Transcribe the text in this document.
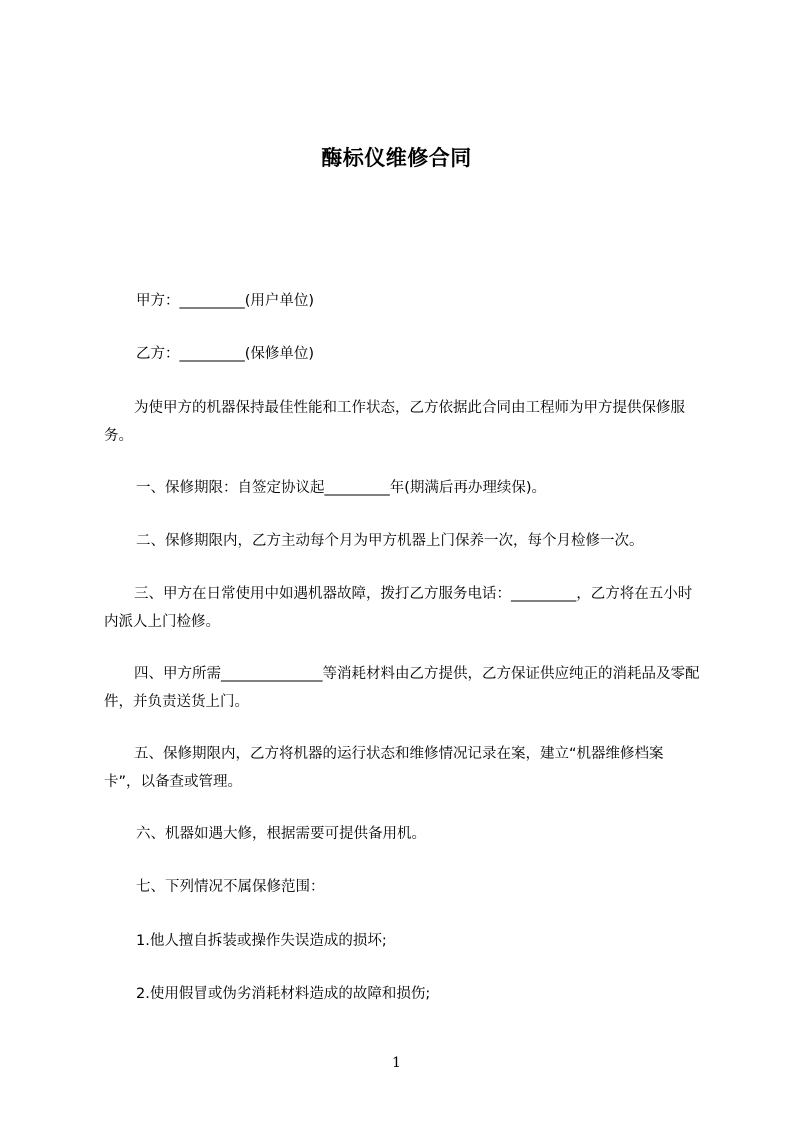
酶标仪维修合同
甲方：_________(用户单位)
乙方：_________(保修单位)
为使甲方的机器保持最佳性能和工作状态，乙方依据此合同由工程师为甲方提供保修服务。
一、保修期限：自签定协议起_________年(期满后再办理续保)。
二、保修期限内，乙方主动每个月为甲方机器上门保养一次，每个月检修一次。
三、甲方在日常使用中如遇机器故障，拨打乙方服务电话：_________，乙方将在五小时内派人上门检修。
四、甲方所需______________等消耗材料由乙方提供，乙方保证供应纯正的消耗品及零配件，并负责送货上门。
五、保修期限内，乙方将机器的运行状态和维修情况记录在案，建立“机器维修档案卡”，以备查或管理。
六、机器如遇大修，根据需要可提供备用机。
七、下列情况不属保修范围：
1.他人擅自拆装或操作失误造成的损坏;
2.使用假冒或伪劣消耗材料造成的故障和损伤;
1
